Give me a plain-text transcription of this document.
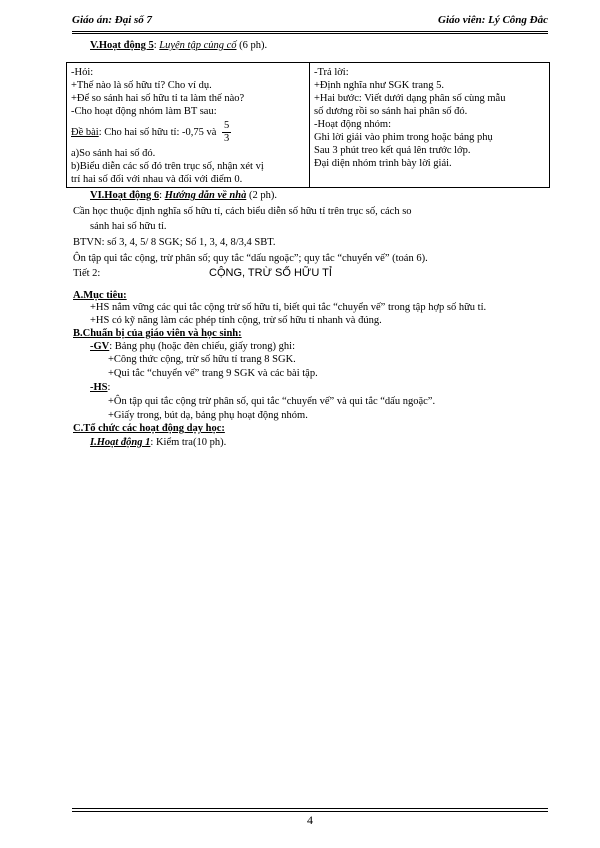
Giáo án: Đại số 7	Giáo viên: Lý Công Đắc
V.Hoạt động 5: Luyện tập củng cố (6 ph).
-Hỏi:
+Thế nào là số hữu tỉ? Cho ví dụ.
+Để so sánh hai số hữu tỉ ta làm thế nào?
-Cho hoạt động nhóm làm BT sau:
Đề bài: Cho hai số hữu tỉ: -0,75 và $\frac{5}{3}$
a)So sánh hai số đó.
b)Biểu diễn các số đó trên trục số, nhận xét vị
trí hai số đối với nhau và đối với điểm 0.
-Trả lời:
+Định nghĩa như SGK trang 5.
+Hai bước: Viết dưới dạng phân số cùng mẫu
số dương rồi so sánh hai phân số đó.
-Hoạt động nhóm:
Ghi lời giải vào phim trong hoặc bảng phụ
Sau 3 phút treo kết quả lên trước lớp.
Đại diện nhóm trình bày lời giải.
VI.Hoạt động 6: Hướng dẫn về nhà (2 ph).
Cần học thuộc định nghĩa số hữu tỉ, cách biểu diễn số hữu tỉ trên trục số, cách so
sánh hai số hữu tỉ.
BTVN: số 3, 4, 5/ 8 SGK; Số 1, 3, 4, 8/3,4 SBT.
Ôn tập qui tắc cộng, trừ phân số; quy tắc “dấu ngoặc”; quy tắc “chuyển vế” (toán 6).
Tiết 2:	CỘNG, TRỪ SỐ HỮU TỈ
A.Mục tiêu:
+HS nắm vững các qui tắc cộng trừ số hữu tỉ, biết qui tắc “chuyển vế” trong tập hợp số hữu tỉ.
+HS có kỹ năng làm các phép tính cộng, trừ số hữu tỉ nhanh và đúng.
B.Chuẩn bị của giáo viên và học sinh:
-GV: Bảng phụ (hoặc đèn chiếu, giấy trong) ghi:
+Công thức cộng, trừ số hữu tỉ trang 8 SGK.
+Qui tắc “chuyển vế” trang 9 SGK và các bài tập.
-HS:
+Ôn tập qui tắc cộng trừ phân số, qui tắc “chuyển vế” và qui tắc “dấu ngoặc”.
+Giấy trong, bút dạ, bảng phụ hoạt động nhóm.
C.Tổ chức các hoạt động dạy học:
I.Hoạt động 1: Kiểm tra(10 ph).
4
